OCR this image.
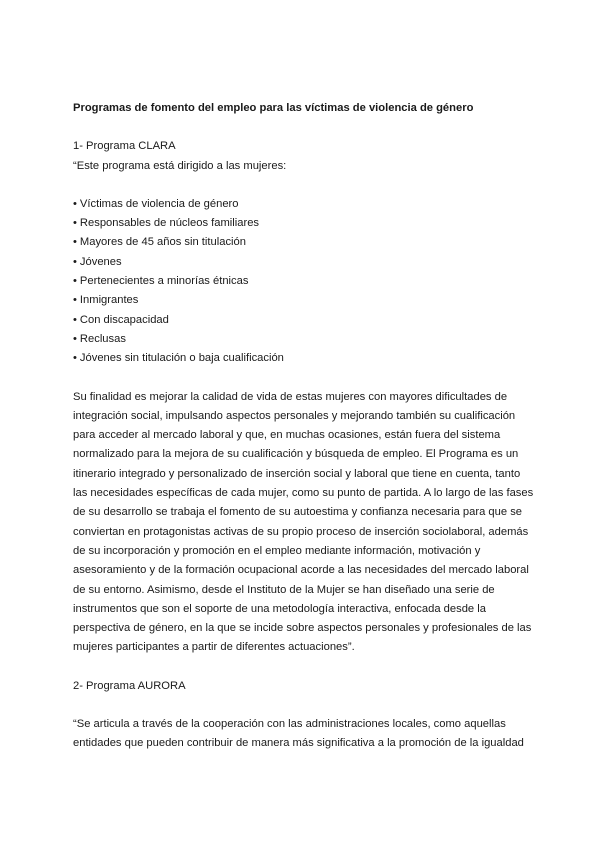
Programas de fomento del empleo para las víctimas de violencia de género

1- Programa CLARA

“Este programa está dirigido a las mujeres:

• Víctimas de violencia de género
• Responsables de núcleos familiares
• Mayores de 45 años sin titulación
• Jóvenes
• Pertenecientes a minorías étnicas
• Inmigrantes
• Con discapacidad
• Reclusas
• Jóvenes sin titulación o baja cualificación

Su finalidad es mejorar la calidad de vida de estas mujeres con mayores dificultades de integración social, impulsando aspectos personales y mejorando también su cualificación para acceder al mercado laboral y que, en muchas ocasiones, están fuera del sistema normalizado para la mejora de su cualificación y búsqueda de empleo. El Programa es un itinerario integrado y personalizado de inserción social y laboral que tiene en cuenta, tanto las necesidades específicas de cada mujer, como su punto de partida. A lo largo de las fases de su desarrollo se trabaja el fomento de su autoestima y confianza necesaria para que se conviertan en protagonistas activas de su propio proceso de inserción sociolaboral, además de su incorporación y promoción en el empleo mediante información, motivación y asesoramiento y de la formación ocupacional acorde a las necesidades del mercado laboral de su entorno. Asimismo, desde el Instituto de la Mujer se han diseñado una serie de instrumentos que son el soporte de una metodología interactiva, enfocada desde la perspectiva de género, en la que se incide sobre aspectos personales y profesionales de las mujeres participantes a partir de diferentes actuaciones”.

2- Programa AURORA

“Se articula a través de la cooperación con las administraciones locales, como aquellas entidades que pueden contribuir de manera más significativa a la promoción de la igualdad
